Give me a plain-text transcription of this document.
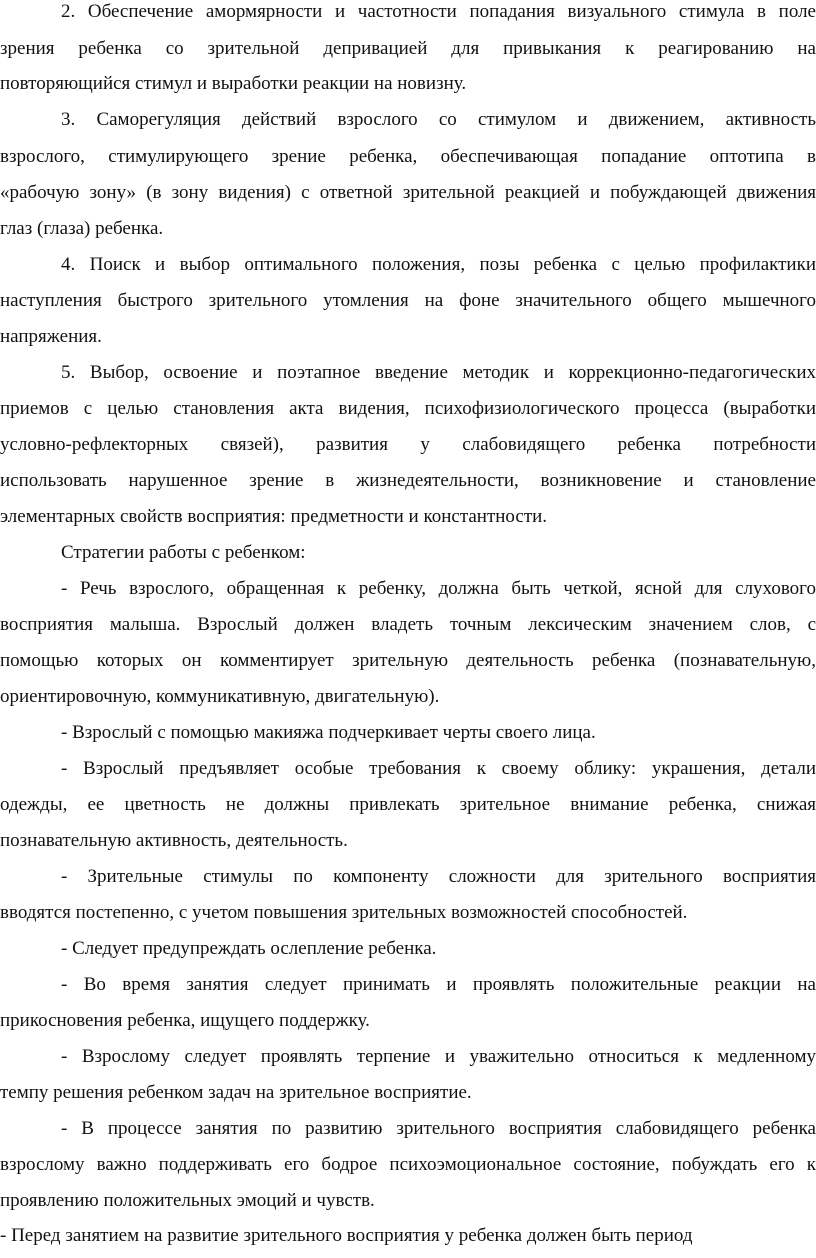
2. Обеспечение амормярности и частотности попадания визуального стимула в поле
зрения ребенка со зрительной депривацией для привыкания к реагированию на
повторяющийся стимул и выработки реакции на новизну.
3. Саморегуляция действий взрослого со стимулом и движением, активность
взрослого, стимулирующего зрение ребенка, обеспечивающая попадание оптотипа в
«рабочую зону» (в зону видения) с ответной зрительной реакцией и побуждающей движения
глаз (глаза) ребенка.
4. Поиск и выбор оптимального положения, позы ребенка с целью профилактики
наступления быстрого зрительного утомления на фоне значительного общего мышечного
напряжения.
5. Выбор, освоение и поэтапное введение методик и коррекционно-педагогических
приемов с целью становления акта видения, психофизиологического процесса (выработки
условно-рефлекторных связей), развития у слабовидящего ребенка потребности
использовать нарушенное зрение в жизнедеятельности, возникновение и становление
элементарных свойств восприятия: предметности и константности.
Стратегии работы с ребенком:
- Речь взрослого, обращенная к ребенку, должна быть четкой, ясной для слухового
восприятия малыша. Взрослый должен владеть точным лексическим значением слов, с
помощью которых он комментирует зрительную деятельность ребенка (познавательную,
ориентировочную, коммуникативную, двигательную).
- Взрослый с помощью макияжа подчеркивает черты своего лица.
- Взрослый предъявляет особые требования к своему облику: украшения, детали
одежды, ее цветность не должны привлекать зрительное внимание ребенка, снижая
познавательную активность, деятельность.
- Зрительные стимулы по компоненту сложности для зрительного восприятия
вводятся постепенно, с учетом повышения зрительных возможностей способностей.
- Следует предупреждать ослепление ребенка.
- Во время занятия следует принимать и проявлять положительные реакции на
прикосновения ребенка, ищущего поддержку.
- Взрослому следует проявлять терпение и уважительно относиться к медленному
темпу решения ребенком задач на зрительное восприятие.
- В процессе занятия по развитию зрительного восприятия слабовидящего ребенка
взрослому важно поддерживать его бодрое психоэмоциональное состояние, побуждать его к
проявлению положительных эмоций и чувств.
- Перед занятием на развитие зрительного восприятия у ребенка должен быть период
